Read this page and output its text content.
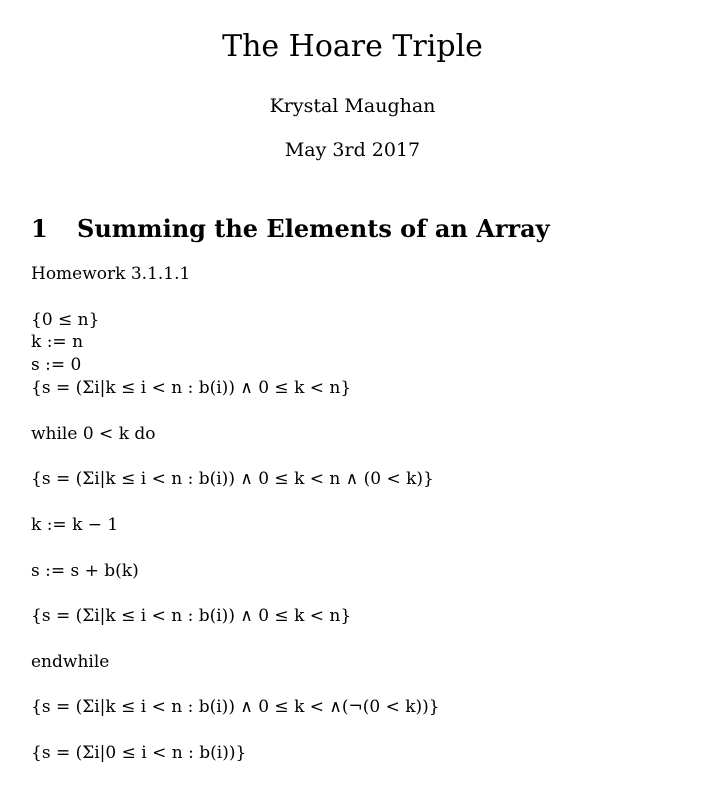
The Hoare Triple
Krystal Maughan
May 3rd 2017
1 Summing the Elements of an Array
Homework 3.1.1.1
{0 ≤ n}
k := n
s := 0
{s = (Σi|k ≤ i < n : b(i)) ∧ 0 ≤ k < n}
while 0 < k do
{s = (Σi|k ≤ i < n : b(i)) ∧ 0 ≤ k < n ∧ (0 < k)}
k := k − 1
s := s + b(k)
{s = (Σi|k ≤ i < n : b(i)) ∧ 0 ≤ k < n}
endwhile
{s = (Σi|k ≤ i < n : b(i)) ∧ 0 ≤ k < ∧(¬(0 < k))}
{s = (Σi|0 ≤ i < n : b(i))}
